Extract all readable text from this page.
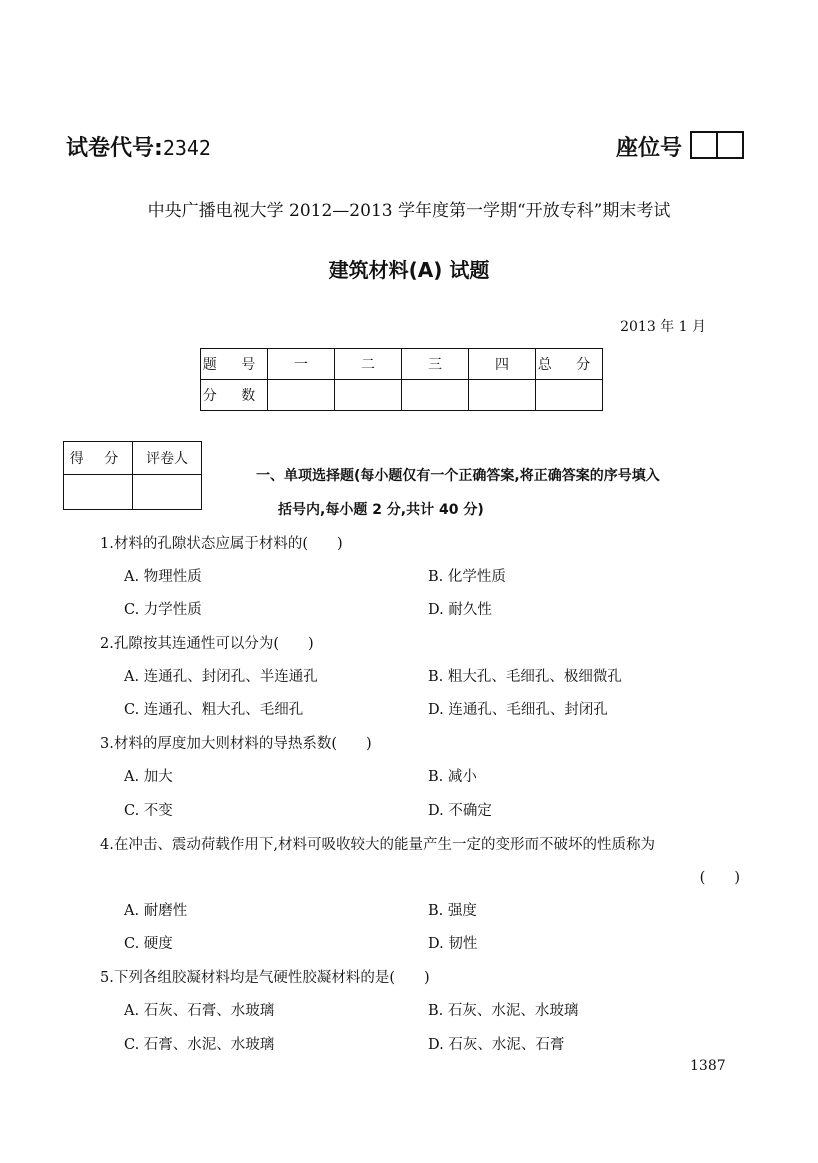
试卷代号:2342	座位号
中央广播电视大学 2012—2013 学年度第一学期“开放专科”期末考试
建筑材料(A) 试题
2013 年 1 月
题 号	一	二	三	四	总 分
分 数					
得 分	评卷人

一、单项选择题(每小题仅有一个正确答案,将正确答案的序号填入
括号内,每小题 2 分,共计 40 分)
1.材料的孔隙状态应属于材料的(　　)
A. 物理性质	B. 化学性质
C. 力学性质	D. 耐久性
2.孔隙按其连通性可以分为(　　)
A. 连通孔、封闭孔、半连通孔	B. 粗大孔、毛细孔、极细微孔
C. 连通孔、粗大孔、毛细孔	D. 连通孔、毛细孔、封闭孔
3.材料的厚度加大则材料的导热系数(　　)
A. 加大	B. 减小
C. 不变	D. 不确定
4.在冲击、震动荷载作用下,材料可吸收较大的能量产生一定的变形而不破坏的性质称为
(　　)
A. 耐磨性	B. 强度
C. 硬度	D. 韧性
5.下列各组胶凝材料均是气硬性胶凝材料的是(　　)
A. 石灰、石膏、水玻璃	B. 石灰、水泥、水玻璃
C. 石膏、水泥、水玻璃	D. 石灰、水泥、石膏
1387
